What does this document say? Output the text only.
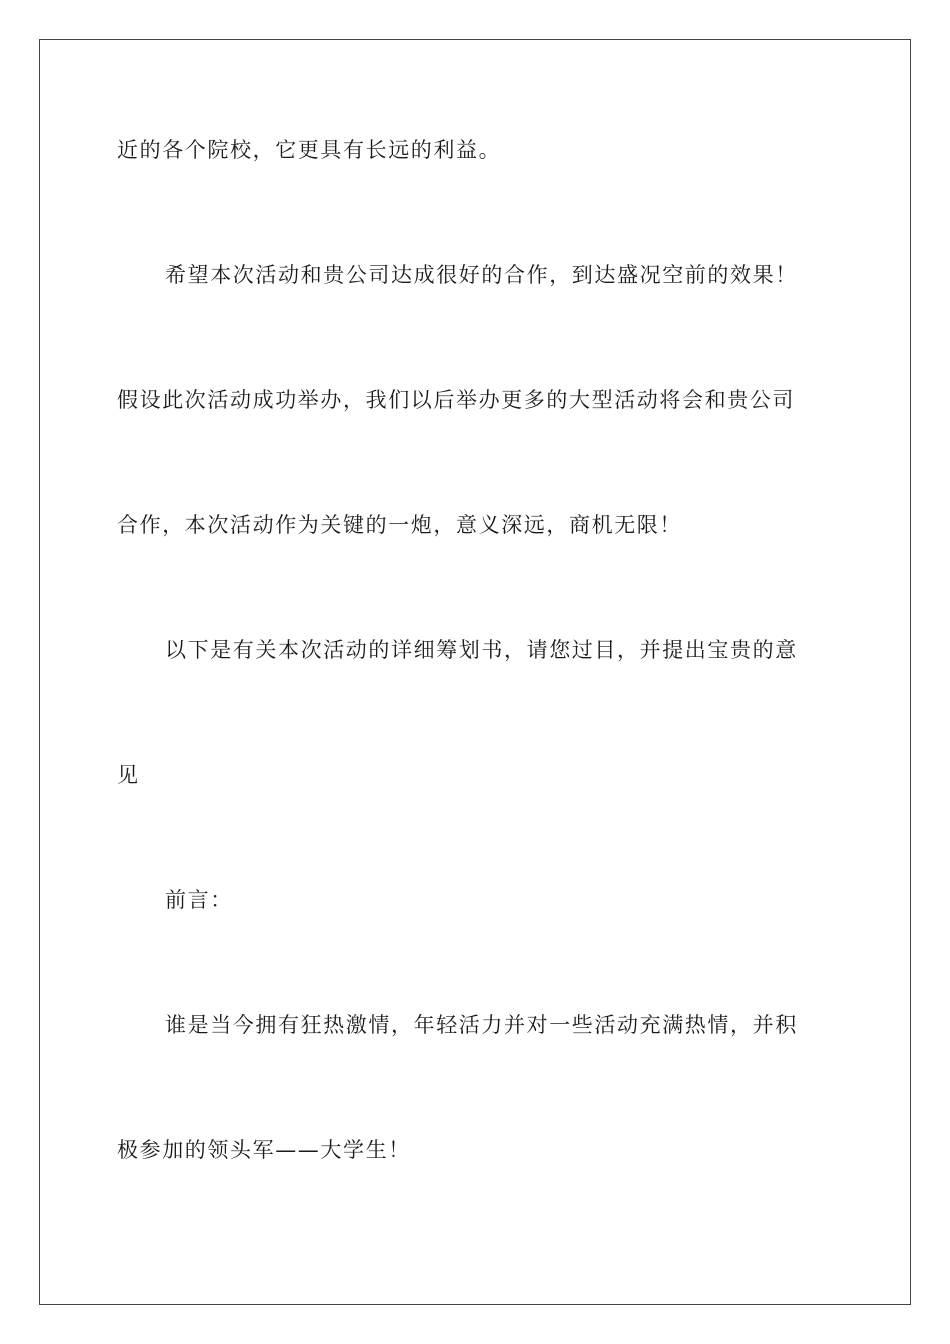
近的各个院校，它更具有长远的利益。
希望本次活动和贵公司达成很好的合作，到达盛况空前的效果！
假设此次活动成功举办，我们以后举办更多的大型活动将会和贵公司
合作，本次活动作为关键的一炮，意义深远，商机无限！
以下是有关本次活动的详细筹划书，请您过目，并提出宝贵的意
见
前言：
谁是当今拥有狂热激情，年轻活力并对一些活动充满热情，并积
极参加的领头军——大学生！
